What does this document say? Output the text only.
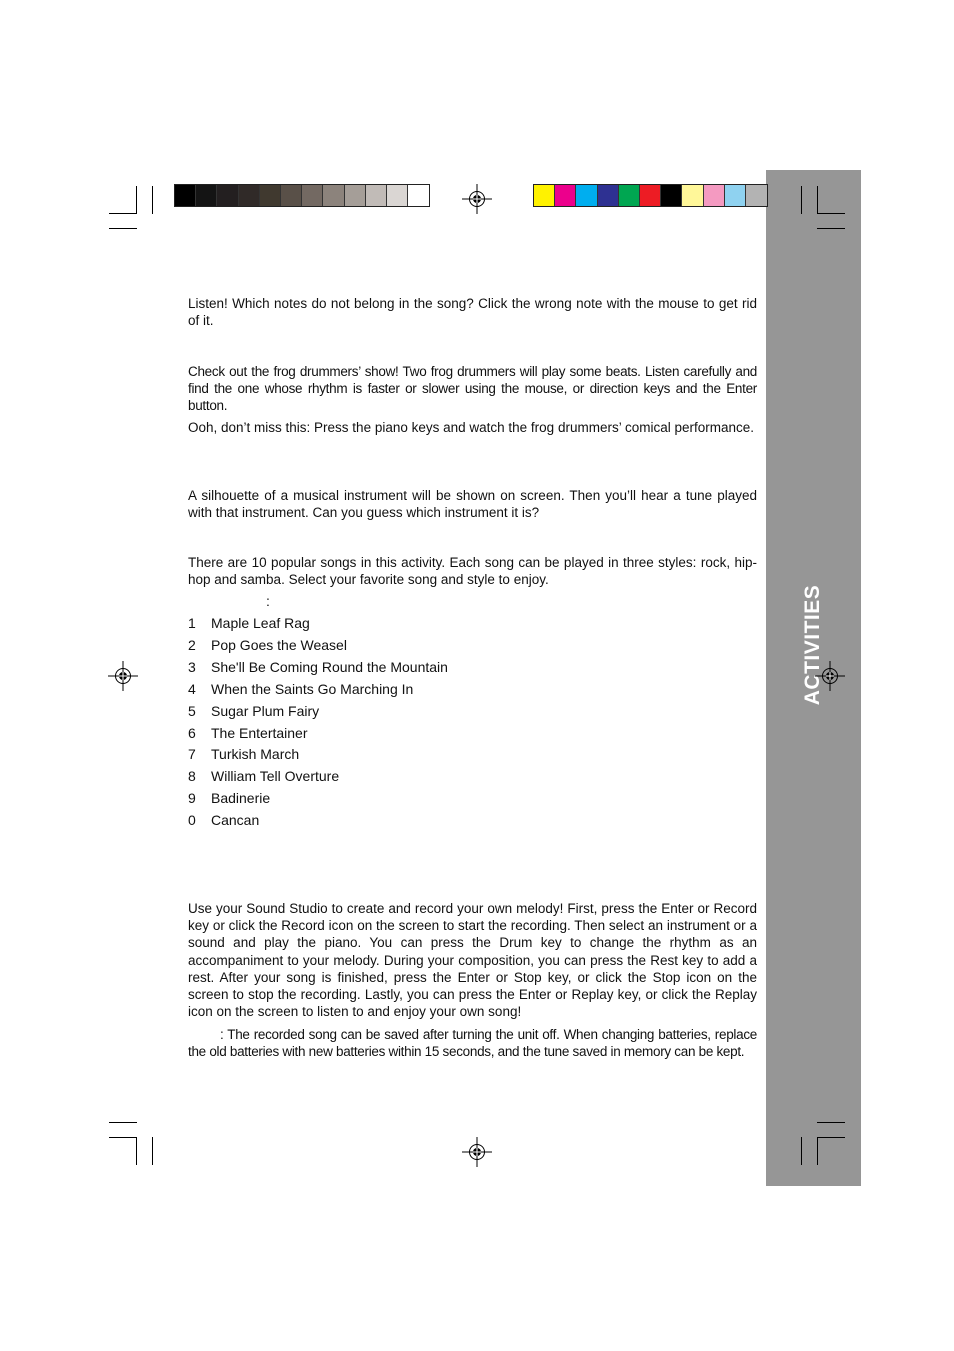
ACTIVITIES
Listen! Which notes do not belong in the song? Click the wrong note with the mouse to get rid of it.
Check out the frog drummers’ show! Two frog drummers will play some beats. Listen carefully and find the one whose rhythm is faster or slower using the mouse, or direction keys and the Enter button.
Ooh, don’t miss this: Press the piano keys and watch the frog drummers’ comical performance.
A silhouette of a musical instrument will be shown on screen. Then you’ll hear a tune played with that instrument. Can you guess which instrument it is?
There are 10 popular songs in this activity. Each song can be played in three styles: rock, hip-hop and samba. Select your favorite song and style to enjoy.
:
1 Maple Leaf Rag
2 Pop Goes the Weasel
3 She'll Be Coming Round the Mountain
4 When the Saints Go Marching In
5 Sugar Plum Fairy
6 The Entertainer
7 Turkish March
8 William Tell Overture
9 Badinerie
0 Cancan
Use your Sound Studio to create and record your own melody! First, press the Enter or Record key or click the Record icon on the screen to start the recording. Then select an instrument or a sound and play the piano. You can press the Drum key to change the rhythm as an accompaniment to your melody. During your composition, you can press the Rest key to add a rest. After your song is finished, press the Enter or Stop key, or click the Stop icon on the screen to stop the recording. Lastly, you can press the Enter or Replay key, or click the Replay icon on the screen to listen to and enjoy your own song!
: The recorded song can be saved after turning the unit off. When changing batteries, replace the old batteries with new batteries within 15 seconds, and the tune saved in memory can be kept.
